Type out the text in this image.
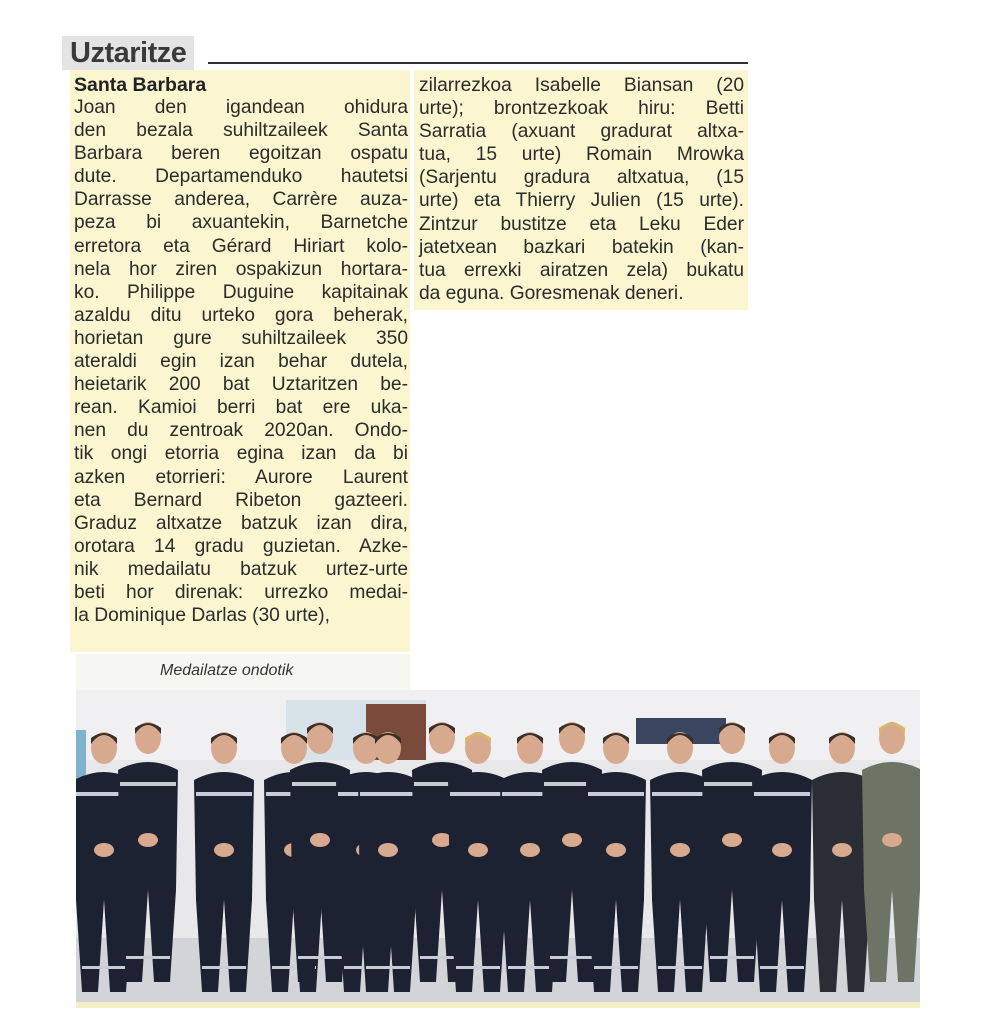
Uztaritze
Santa Barbara
Joan den igandean ohidura
den bezala suhiltzaileek Santa
Barbara beren egoitzan ospatu
dute. Departamenduko hautetsi
Darrasse anderea, Carrère auza-
peza bi axuantekin, Barnetche
erretora eta Gérard Hiriart kolo-
nela hor ziren ospakizun hortara-
ko. Philippe Duguine kapitainak
azaldu ditu urteko gora beherak,
horietan gure suhiltzaileek 350
ateraldi egin izan behar dutela,
heietarik 200 bat Uztaritzen be-
rean. Kamioi berri bat ere uka-
nen du zentroak 2020an. Ondo-
tik ongi etorria egina izan da bi
azken etorrieri: Aurore Laurent
eta Bernard Ribeton gazteeri.
Graduz altxatze batzuk izan dira,
orotara 14 gradu guzietan. Azke-
nik medailatu batzuk urtez-urte
beti hor direnak: urrezko medai-
la Dominique Darlas (30 urte),
zilarrezkoa Isabelle Biansan (20
urte); brontzezkoak hiru: Betti
Sarratia (axuant gradurat altxa-
tua, 15 urte) Romain Mrowka
(Sarjentu gradura altxatua, (15
urte) eta Thierry Julien (15 urte).
Zintzur bustitze eta Leku Eder
jatetxean bazkari batekin (kan-
tua errexki airatzen zela) bukatu
da eguna. Goresmenak deneri.
Medailatze ondotik
